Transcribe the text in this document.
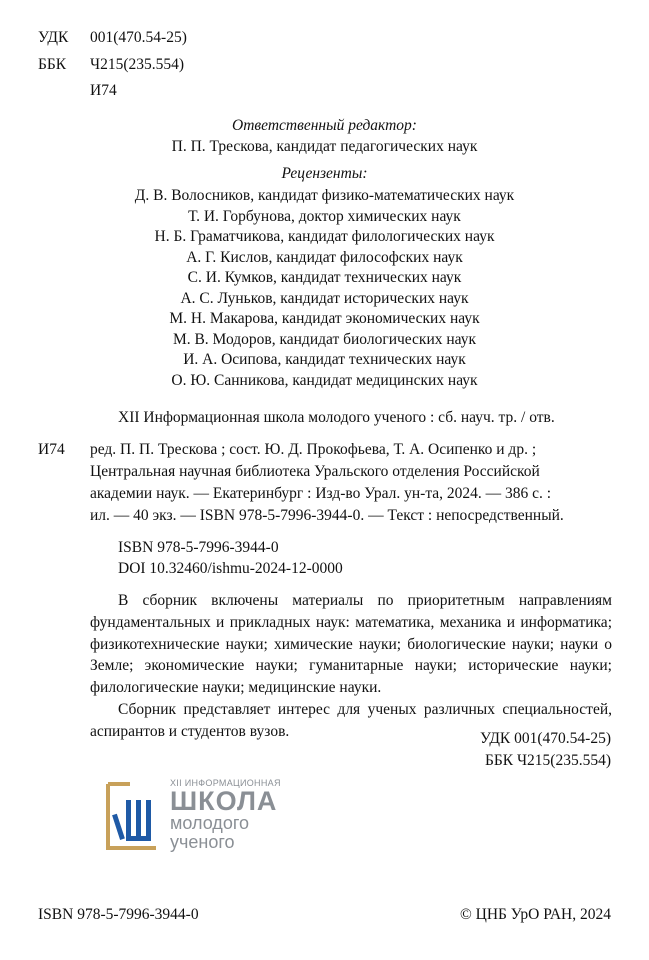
УДК 001(470.54-25)
ББК Ч215(235.554)
И74
Ответственный редактор:
П. П. Трескова, кандидат педагогических наук
Рецензенты:
Д. В. Волосников, кандидат физико-математических наук
Т. И. Горбунова, доктор химических наук
Н. Б. Граматчикова, кандидат филологических наук
А. Г. Кислов, кандидат философских наук
С. И. Кумков, кандидат технических наук
А. С. Луньков, кандидат исторических наук
М. Н. Макарова, кандидат экономических наук
М. В. Модоров, кандидат биологических наук
И. А. Осипова, кандидат технических наук
О. Ю. Санникова, кандидат медицинских наук
И74
XII Информационная школа молодого ученого : сб. науч. тр. / отв.
ред. П. П. Трескова ; сост. Ю. Д. Прокофьева, Т. А. Осипенко и др. ;
Центральная научная библиотека Уральского отделения Российской
академии наук. — Екатеринбург : Изд-во Урал. ун-та, 2024. — 386 с. :
ил. — 40 экз. — ISBN 978-5-7996-3944-0. — Текст : непосредственный.
ISBN 978-5-7996-3944-0
DOI 10.32460/ishmu-2024-12-0000

В сборник включены материалы по приоритетным направлениям фундаментальных и прикладных наук: математика, механика и информатика; физикотехнические науки; химические науки; биологические науки; науки о Земле; экономические науки; гуманитарные науки; исторические науки; филологические науки; медицинские науки.

Сборник представляет интерес для ученых различных специальностей, аспирантов и студентов вузов.	УДК 001(470.54-25)
ББК Ч215(235.554)
XII ИНФОРМАЦИОННАЯ
ШКОЛА
молодого
ученого
ISBN 978-5-7996-3944-0	© ЦНБ УрО РАН, 2024
